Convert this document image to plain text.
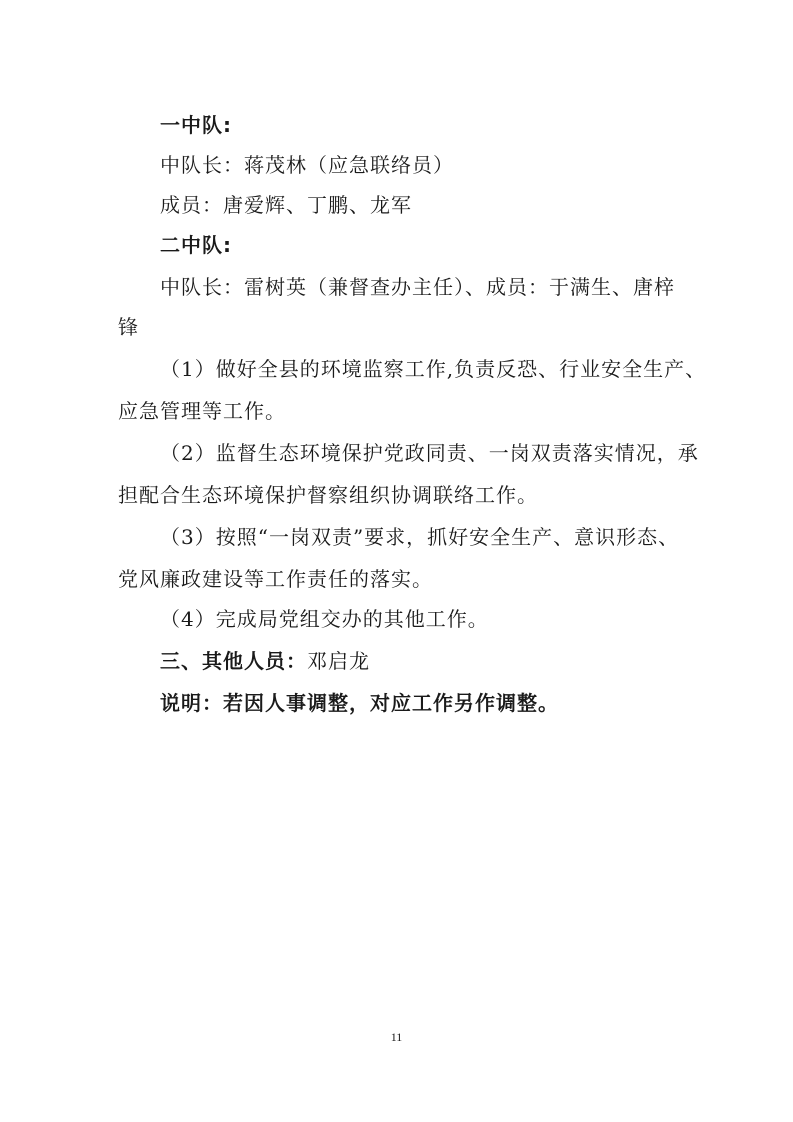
一中队:
中队长：蒋茂林（应急联络员）
成员：唐爱辉、丁鹏、龙军
二中队:
中队长：雷树英（兼督查办主任）、成员：于满生、唐梓
锋
（1）做好全县的环境监察工作,负责反恐、行业安全生产、
应急管理等工作。
（2）监督生态环境保护党政同责、一岗双责落实情况，承
担配合生态环境保护督察组织协调联络工作。
（3）按照“一岗双责”要求，抓好安全生产、意识形态、
党风廉政建设等工作责任的落实。
（4）完成局党组交办的其他工作。
三、其他人员：邓启龙
说明：若因人事调整，对应工作另作调整。
11
